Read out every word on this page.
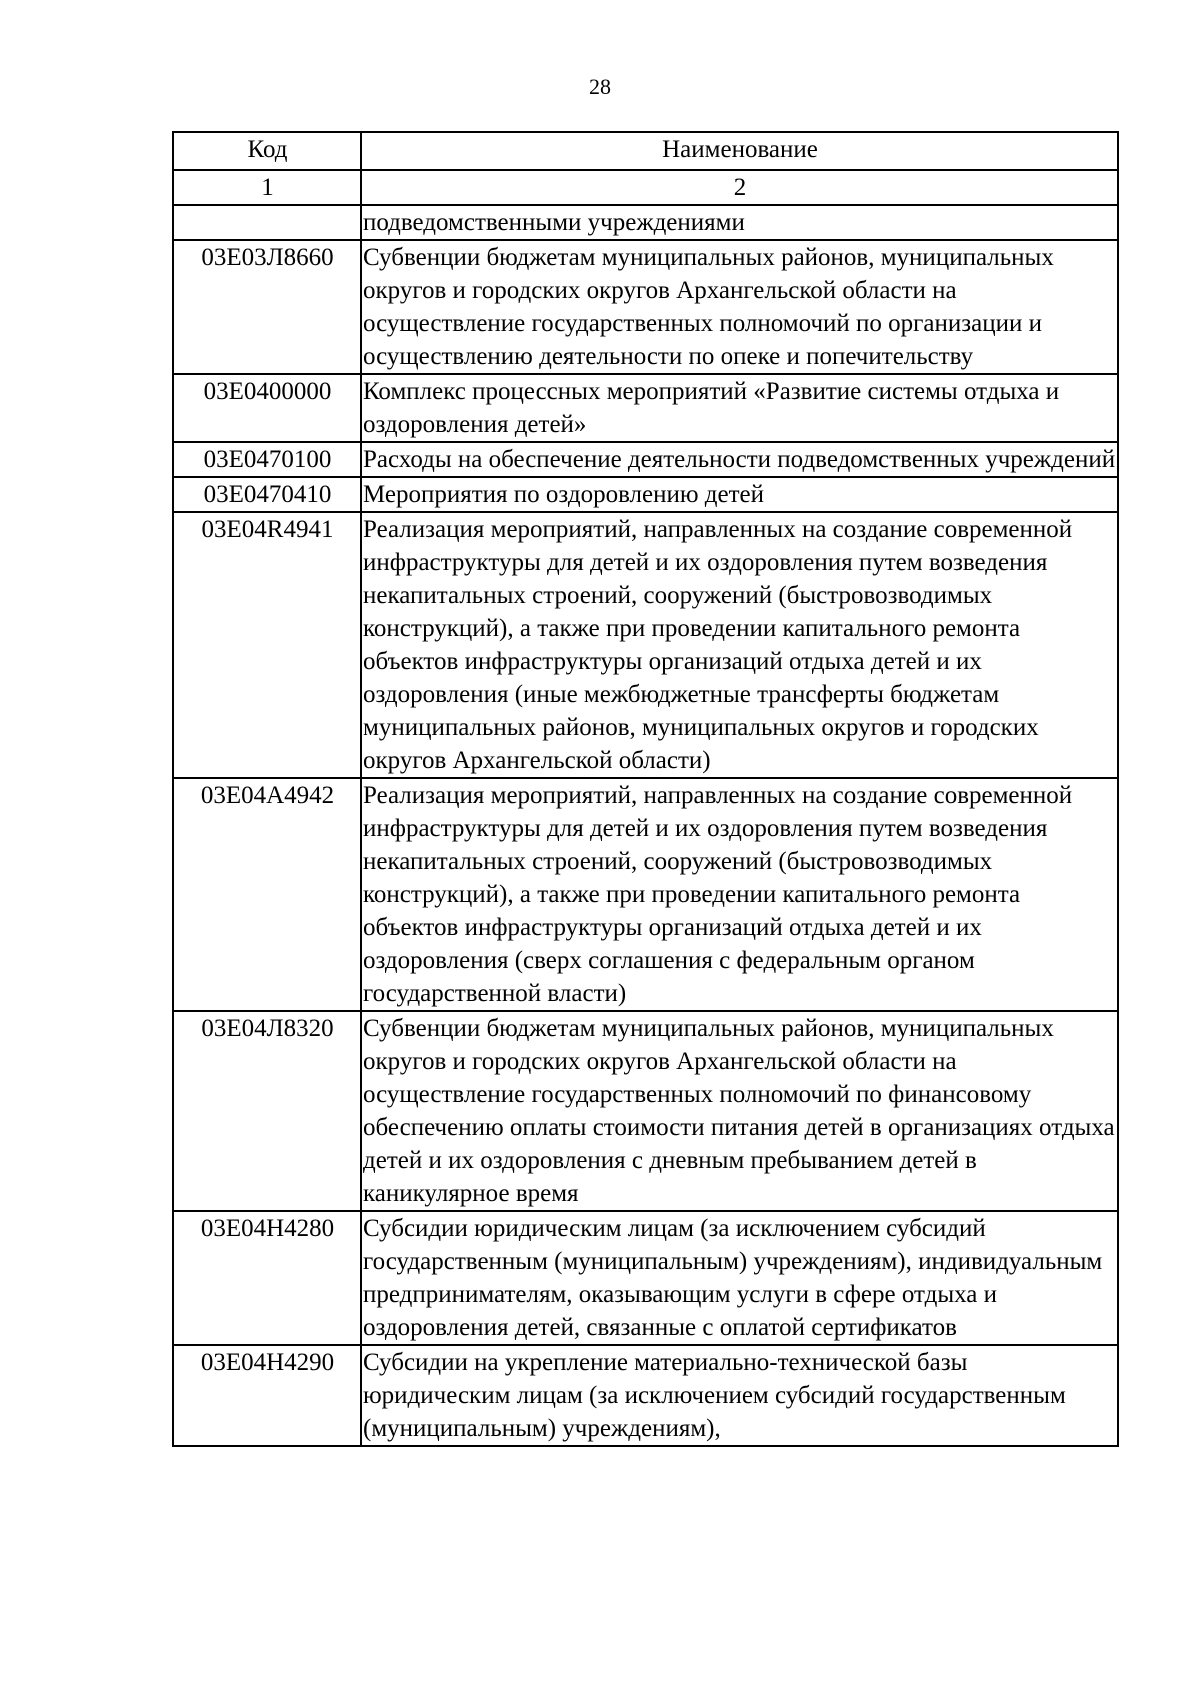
28
Код	Наименование
1	2
	подведомственными учреждениями
03Е03Л8660	Субвенции бюджетам муниципальных районов, муниципальных округов и городских округов Архангельской области на осуществление государственных полномочий по организации и осуществлению деятельности по опеке и попечительству
03Е0400000	Комплекс процессных мероприятий «Развитие системы отдыха и оздоровления детей»
03Е0470100	Расходы на обеспечение деятельности подведомственных учреждений
03Е0470410	Мероприятия по оздоровлению детей
03Е04R4941	Реализация мероприятий, направленных на создание современной инфраструктуры для детей и их оздоровления путем возведения некапитальных строений, сооружений (быстровозводимых конструкций), а также при проведении капитального ремонта объектов инфраструктуры организаций отдыха детей и их оздоровления (иные межбюджетные трансферты бюджетам муниципальных районов, муниципальных округов и городских округов Архангельской области)
03Е04А4942	Реализация мероприятий, направленных на создание современной инфраструктуры для детей и их оздоровления путем возведения некапитальных строений, сооружений (быстровозводимых конструкций), а также при проведении капитального ремонта объектов инфраструктуры организаций отдыха детей и их оздоровления (сверх соглашения с федеральным органом государственной власти)
03Е04Л8320	Субвенции бюджетам муниципальных районов, муниципальных округов и городских округов Архангельской области на осуществление государственных полномочий по финансовому обеспечению оплаты стоимости питания детей в организациях отдыха детей и их оздоровления с дневным пребыванием детей в каникулярное время
03Е04Н4280	Субсидии юридическим лицам (за исключением субсидий государственным (муниципальным) учреждениям), индивидуальным предпринимателям, оказывающим услуги в сфере отдыха и оздоровления детей, связанные с оплатой сертификатов
03Е04Н4290	Субсидии на укрепление материально-технической базы юридическим лицам (за исключением субсидий государственным (муниципальным) учреждениям),
